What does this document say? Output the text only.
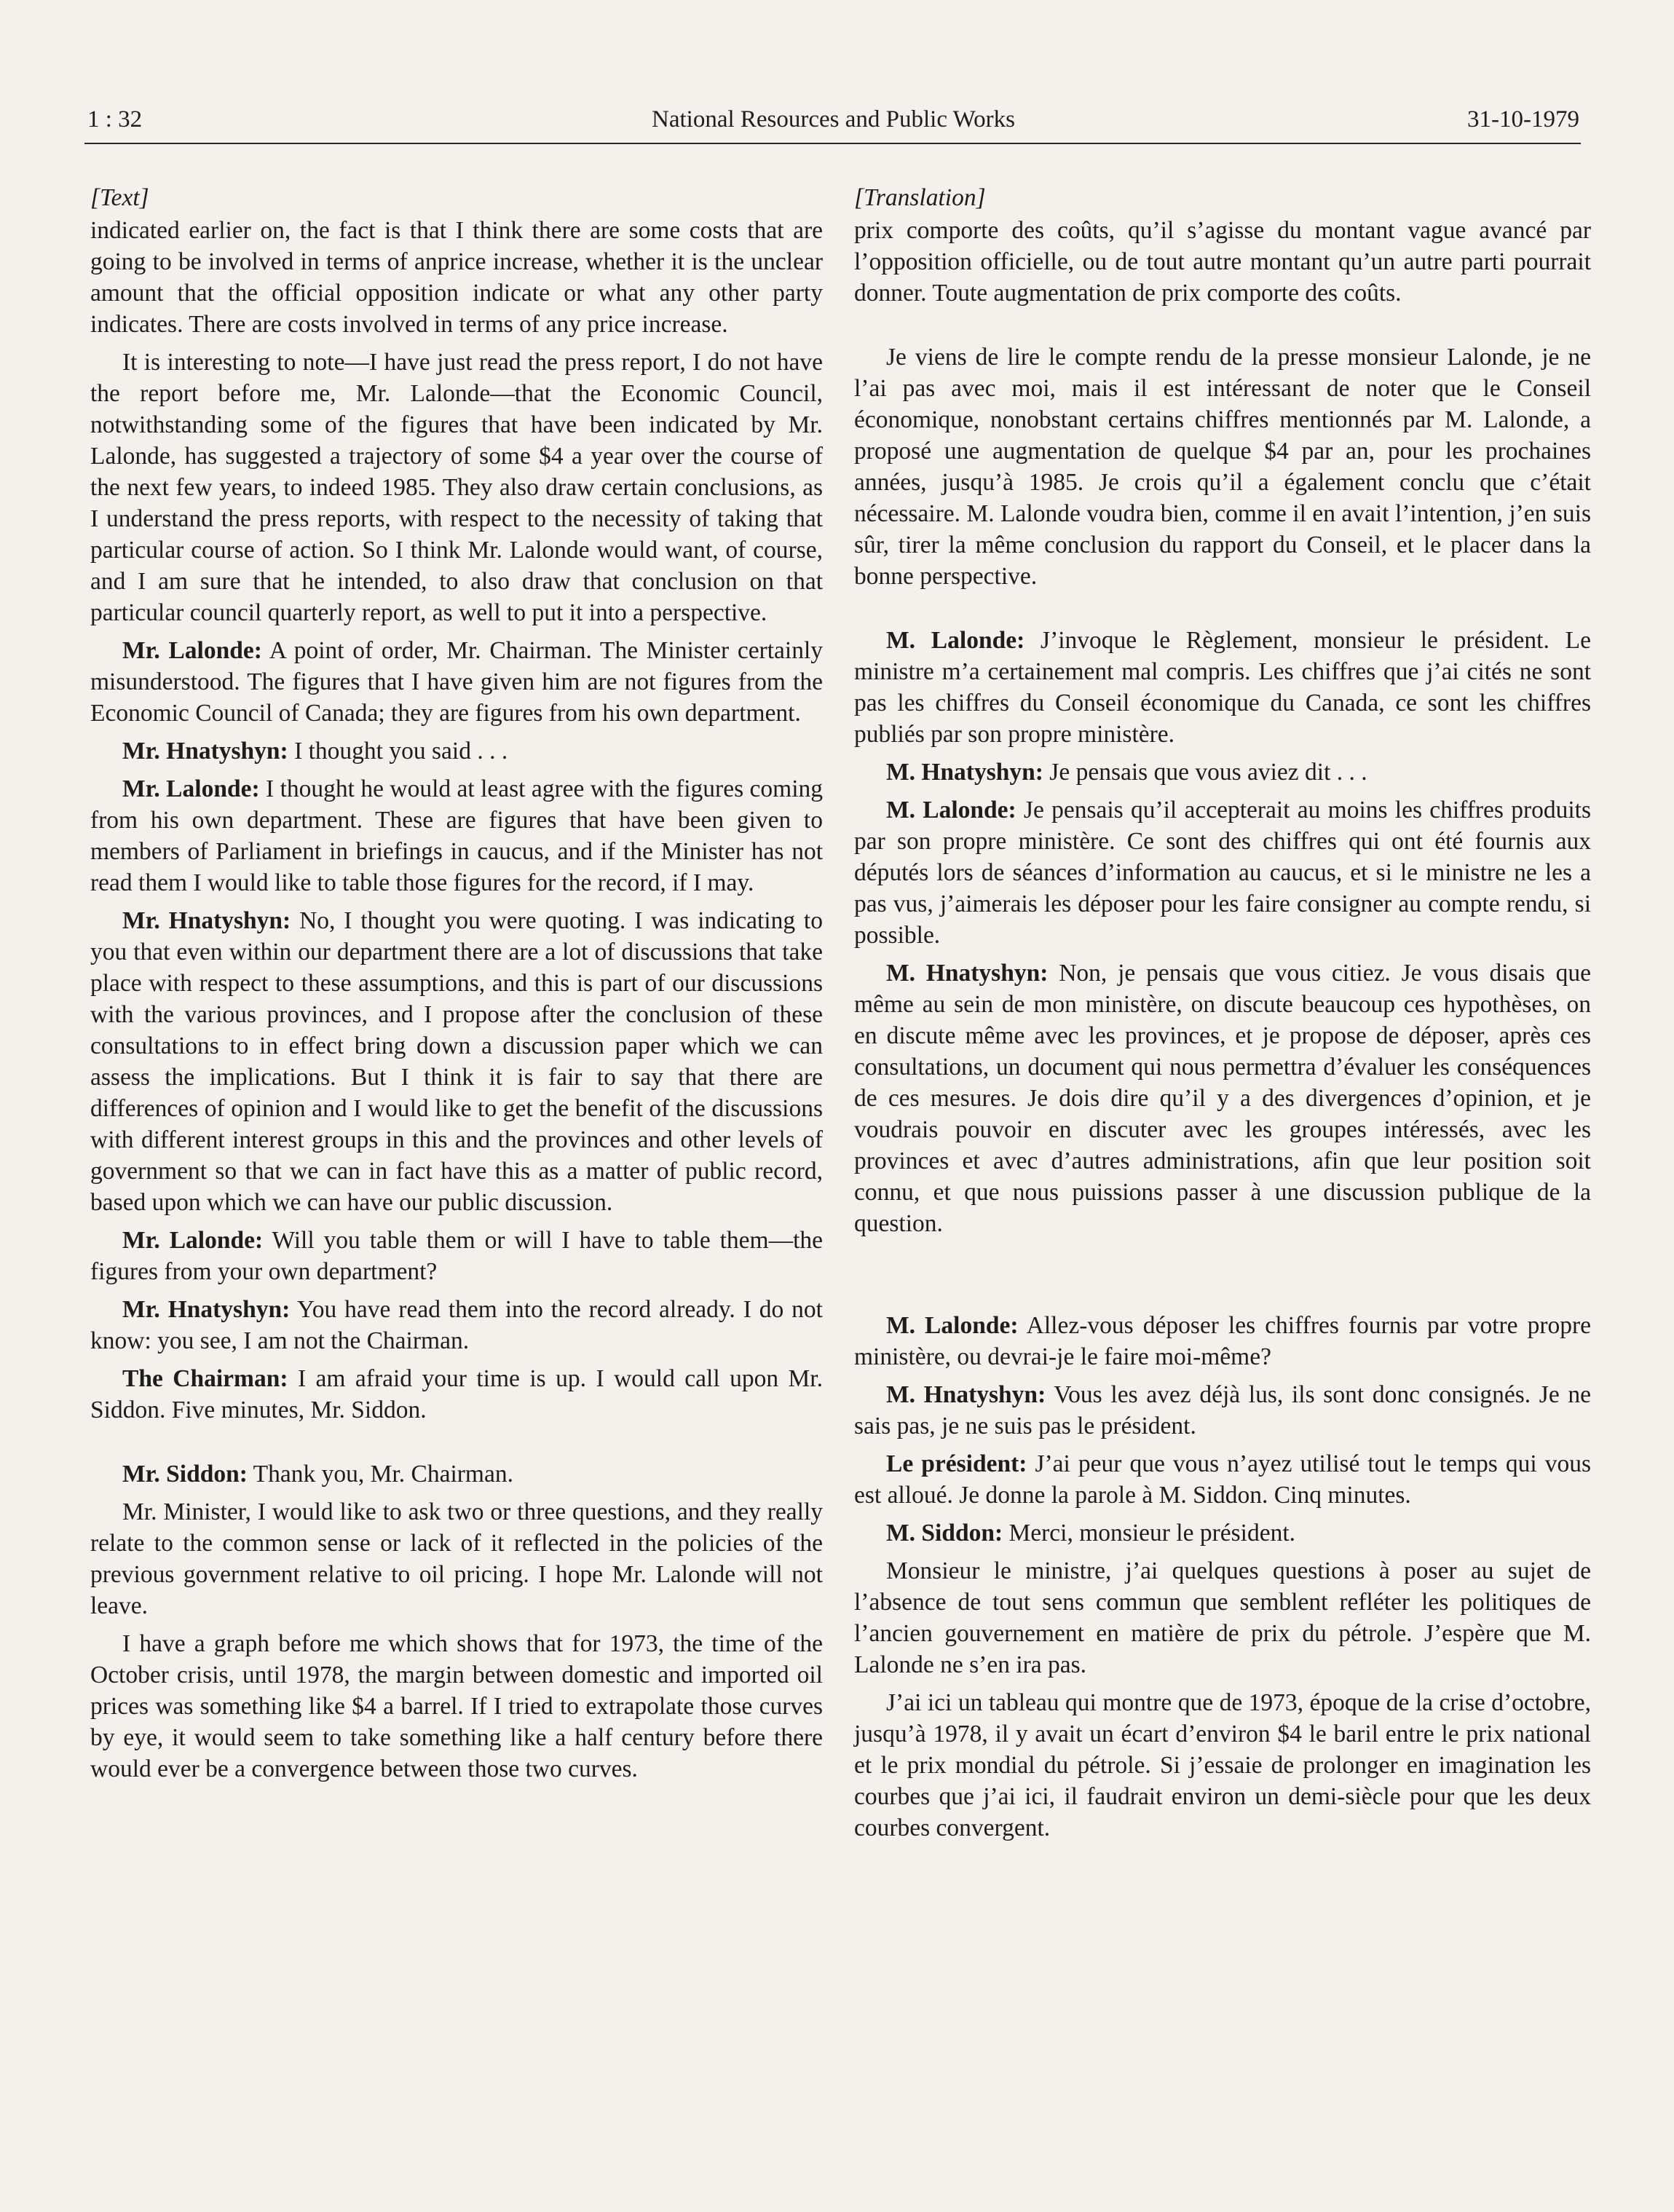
1 : 32	National Resources and Public Works	31-10-1979

[Text]

indicated earlier on, the fact is that I think there are some costs that are going to be involved in terms of anprice increase, whether it is the unclear amount that the official opposition indicate or what any other party indicates. There are costs involved in terms of any price increase.

It is interesting to note—I have just read the press report, I do not have the report before me, Mr. Lalonde—that the Economic Council, notwithstanding some of the figures that have been indicated by Mr. Lalonde, has suggested a trajectory of some $4 a year over the course of the next few years, to indeed 1985. They also draw certain conclusions, as I understand the press reports, with respect to the necessity of taking that particular course of action. So I think Mr. Lalonde would want, of course, and I am sure that he intended, to also draw that conclusion on that particular council quarterly report, as well to put it into a perspective.

Mr. Lalonde: A point of order, Mr. Chairman. The Minister certainly misunderstood. The figures that I have given him are not figures from the Economic Council of Canada; they are figures from his own department.

Mr. Hnatyshyn: I thought you said . . .

Mr. Lalonde: I thought he would at least agree with the figures coming from his own department. These are figures that have been given to members of Parliament in briefings in caucus, and if the Minister has not read them I would like to table those figures for the record, if I may.

Mr. Hnatyshyn: No, I thought you were quoting. I was indicating to you that even within our department there are a lot of discussions that take place with respect to these assumptions, and this is part of our discussions with the various provinces, and I propose after the conclusion of these consultations to in effect bring down a discussion paper which we can assess the implications. But I think it is fair to say that there are differences of opinion and I would like to get the benefit of the discussions with different interest groups in this and the provinces and other levels of government so that we can in fact have this as a matter of public record, based upon which we can have our public discussion.

Mr. Lalonde: Will you table them or will I have to table them—the figures from your own department?

Mr. Hnatyshyn: You have read them into the record already. I do not know: you see, I am not the Chairman.

The Chairman: I am afraid your time is up. I would call upon Mr. Siddon. Five minutes, Mr. Siddon.

Mr. Siddon: Thank you, Mr. Chairman.

Mr. Minister, I would like to ask two or three questions, and they really relate to the common sense or lack of it reflected in the policies of the previous government relative to oil pricing. I hope Mr. Lalonde will not leave.

I have a graph before me which shows that for 1973, the time of the October crisis, until 1978, the margin between domestic and imported oil prices was something like $4 a barrel. If I tried to extrapolate those curves by eye, it would seem to take something like a half century before there would ever be a convergence between those two curves.

[Translation]

prix comporte des coûts, qu’il s’agisse du montant vague avancé par l’opposition officielle, ou de tout autre montant qu’un autre parti pourrait donner. Toute augmentation de prix comporte des coûts.

Je viens de lire le compte rendu de la presse monsieur Lalonde, je ne l’ai pas avec moi, mais il est intéressant de noter que le Conseil économique, nonobstant certains chiffres mentionnés par M. Lalonde, a proposé une augmentation de quelque $4 par an, pour les prochaines années, jusqu’à 1985. Je crois qu’il a également conclu que c’était nécessaire. M. Lalonde voudra bien, comme il en avait l’intention, j’en suis sûr, tirer la même conclusion du rapport du Conseil, et le placer dans la bonne perspective.

M. Lalonde: J’invoque le Règlement, monsieur le président. Le ministre m’a certainement mal compris. Les chiffres que j’ai cités ne sont pas les chiffres du Conseil économique du Canada, ce sont les chiffres publiés par son propre ministère.

M. Hnatyshyn: Je pensais que vous aviez dit . . .

M. Lalonde: Je pensais qu’il accepterait au moins les chiffres produits par son propre ministère. Ce sont des chiffres qui ont été fournis aux députés lors de séances d’information au caucus, et si le ministre ne les a pas vus, j’aimerais les déposer pour les faire consigner au compte rendu, si possible.

M. Hnatyshyn: Non, je pensais que vous citiez. Je vous disais que même au sein de mon ministère, on discute beaucoup ces hypothèses, on en discute même avec les provinces, et je propose de déposer, après ces consultations, un document qui nous permettra d’évaluer les conséquences de ces mesures. Je dois dire qu’il y a des divergences d’opinion, et je voudrais pouvoir en discuter avec les groupes intéressés, avec les provinces et avec d’autres administrations, afin que leur position soit connu, et que nous puissions passer à une discussion publique de la question.

M. Lalonde: Allez-vous déposer les chiffres fournis par votre propre ministère, ou devrai-je le faire moi-même?

M. Hnatyshyn: Vous les avez déjà lus, ils sont donc consignés. Je ne sais pas, je ne suis pas le président.

Le président: J’ai peur que vous n’ayez utilisé tout le temps qui vous est alloué. Je donne la parole à M. Siddon. Cinq minutes.

M. Siddon: Merci, monsieur le président.

Monsieur le ministre, j’ai quelques questions à poser au sujet de l’absence de tout sens commun que semblent refléter les politiques de l’ancien gouvernement en matière de prix du pétrole. J’espère que M. Lalonde ne s’en ira pas.

J’ai ici un tableau qui montre que de 1973, époque de la crise d’octobre, jusqu’à 1978, il y avait un écart d’environ $4 le baril entre le prix national et le prix mondial du pétrole. Si j’essaie de prolonger en imagination les courbes que j’ai ici, il faudrait environ un demi-siècle pour que les deux courbes convergent.
